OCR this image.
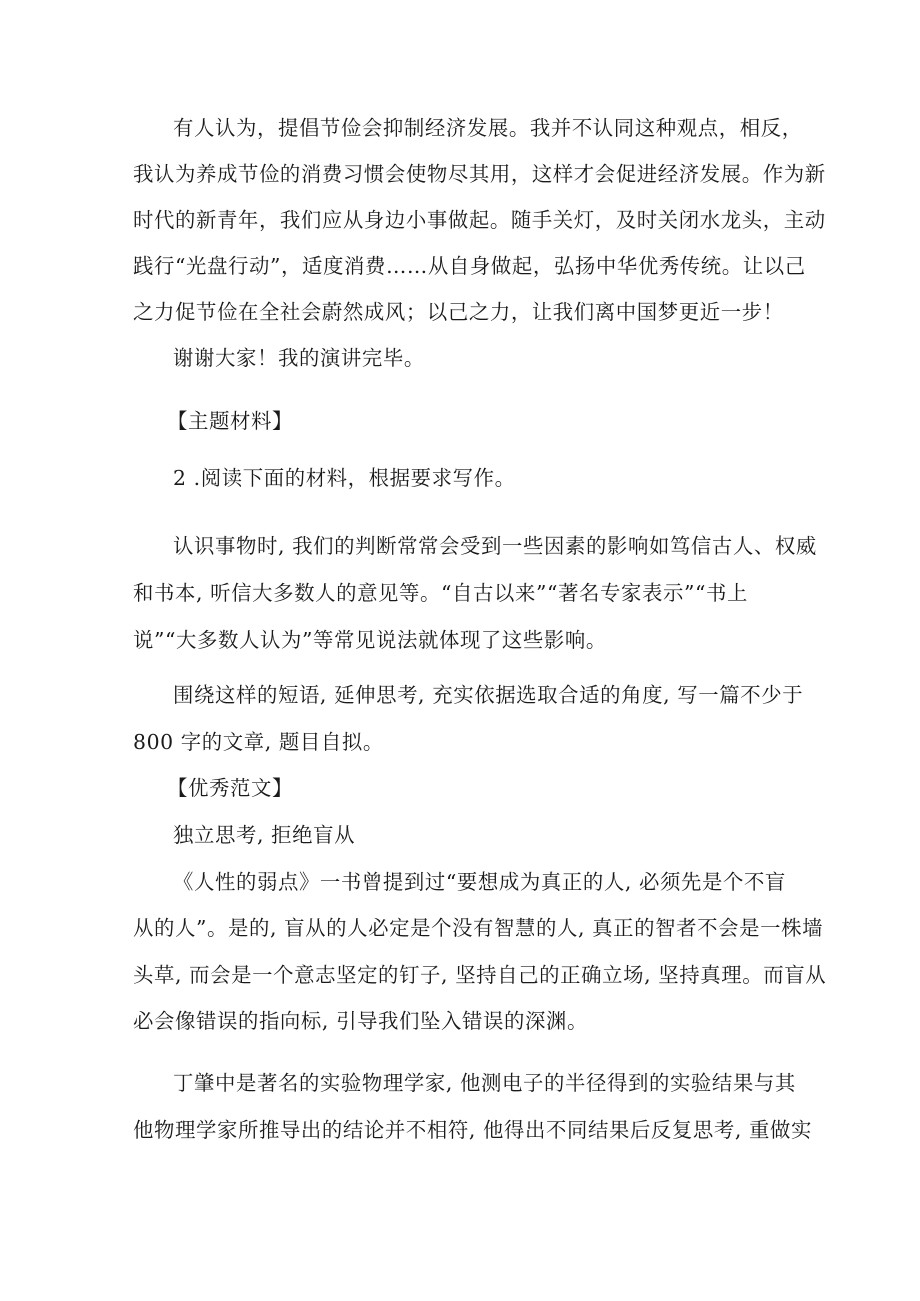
有人认为，提倡节俭会抑制经济发展。我并不认同这种观点，相反，
我认为养成节俭的消费习惯会使物尽其用，这样才会促进经济发展。作为新
时代的新青年，我们应从身边小事做起。随手关灯，及时关闭水龙头，主动
践行“光盘行动”，适度消费……从自身做起，弘扬中华优秀传统。让以己
之力促节俭在全社会蔚然成风；以己之力，让我们离中国梦更近一步！
谢谢大家！我的演讲完毕。
【主题材料】
2 .阅读下面的材料，根据要求写作。
认识事物时, 我们的判断常常会受到一些因素的影响如笃信古人、权威
和书本, 听信大多数人的意见等。“自古以来”“著名专家表示”“书上
说”“大多数人认为”等常见说法就体现了这些影响。
围绕这样的短语, 延伸思考, 充实依据选取合适的角度, 写一篇不少于
800 字的文章, 题目自拟。
【优秀范文】
独立思考, 拒绝盲从
《人性的弱点》一书曾提到过“要想成为真正的人, 必须先是个不盲
从的人”。是的, 盲从的人必定是个没有智慧的人, 真正的智者不会是一株墙
头草, 而会是一个意志坚定的钉子, 坚持自己的正确立场, 坚持真理。而盲从
必会像错误的指向标, 引导我们坠入错误的深渊。
丁肇中是著名的实验物理学家, 他测电子的半径得到的实验结果与其
他物理学家所推导出的结论并不相符, 他得出不同结果后反复思考, 重做实
